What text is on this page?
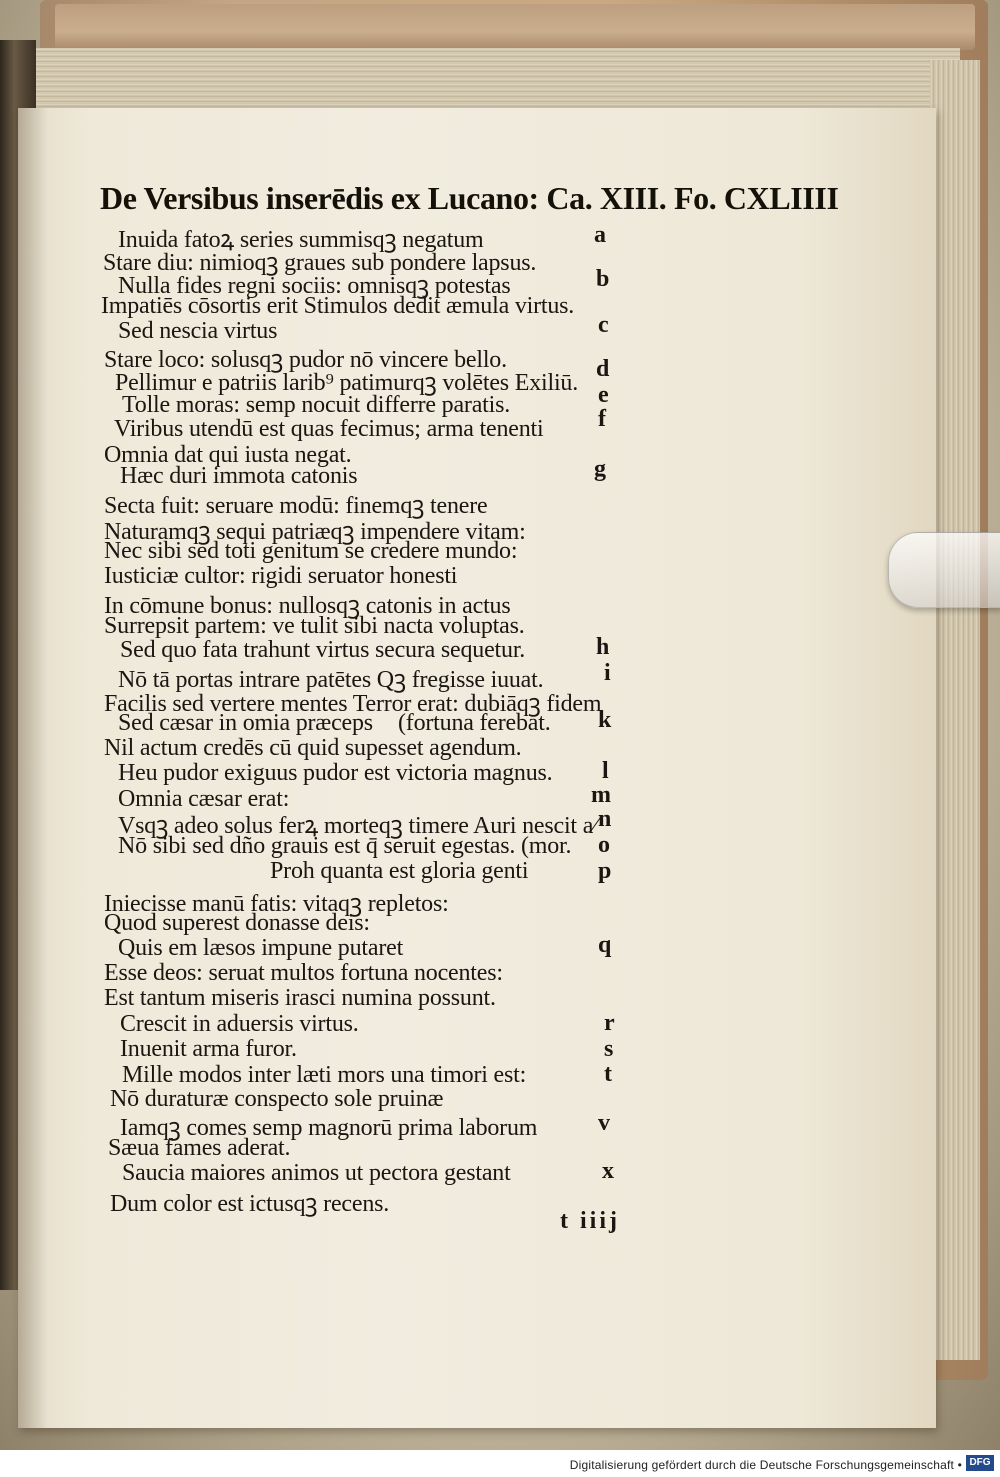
De Versibus inserēdis ex Lucano: Ca. XIII. Fo. CXLIIII
Inuida fatoꝝ series summisqꝫ negatum
Stare diu: nimioqꝫ graues sub pondere lapsus.
Nulla fides regni sociis: omnisqꝫ potestas
Impatiēs cōsortis erit Stimulos dedit æmula virtus.
Sed nescia virtus
Stare loco: solusqꝫ pudor nō vincere bello.
Pellimur e patriis larib⁹ patimurqꝫ volētes Exiliū.
Tolle moras: semp nocuit differre paratis.
Viribus utendū est quas fecimus; arma tenenti
Omnia dat qui iusta negat.
Hæc duri immota catonis
Secta fuit: seruare modū: finemqꝫ tenere
Naturamqꝫ sequi patriæqꝫ impendere vitam:
Nec sibi sed toti genitum se credere mundo:
Iusticiæ cultor: rigidi seruator honesti
In cōmune bonus: nullosqꝫ catonis in actus
Surrepsit partem: ve tulit sibi nacta voluptas.
Sed quo fata trahunt virtus secura sequetur.
Nō tā portas intrare patētes Qꝫ fregisse iuuat.
Facilis sed vertere mentes Terror erat: dubiāqꝫ fidem
Sed cæsar in omia præceps (fortuna ferebat.
Nil actum credēs cū quid supesset agendum.
Heu pudor exiguus pudor est victoria magnus.
Omnia cæsar erat:
Vsqꝫ adeo solus ferꝝ morteqꝫ timere Auri nescit a⁄
Nō sibi sed dño grauis est q̄ seruit egestas. (mor.
Proh quanta est gloria genti
Iniecisse manū fatis: vitaqꝫ repletos:
Quod superest donasse deis:
Quis em læsos impune putaret
Esse deos: seruat multos fortuna nocentes:
Est tantum miseris irasci numina possunt.
Crescit in aduersis virtus.
Inuenit arma furor.
Mille modos inter læti mors una timori est:
Nō duraturæ conspecto sole pruinæ
Iamqꝫ comes semp magnorū prima laborum
Sæua fames aderat.
Saucia maiores animos ut pectora gestant
Dum color est ictusqꝫ recens.
a
b
c
d
e
f
g
h
i
k
l
m
n
o
p
q
r
s
t
v
x
t iiij
Digitalisierung gefördert durch die Deutsche Forschungsgemeinschaft • DFG
